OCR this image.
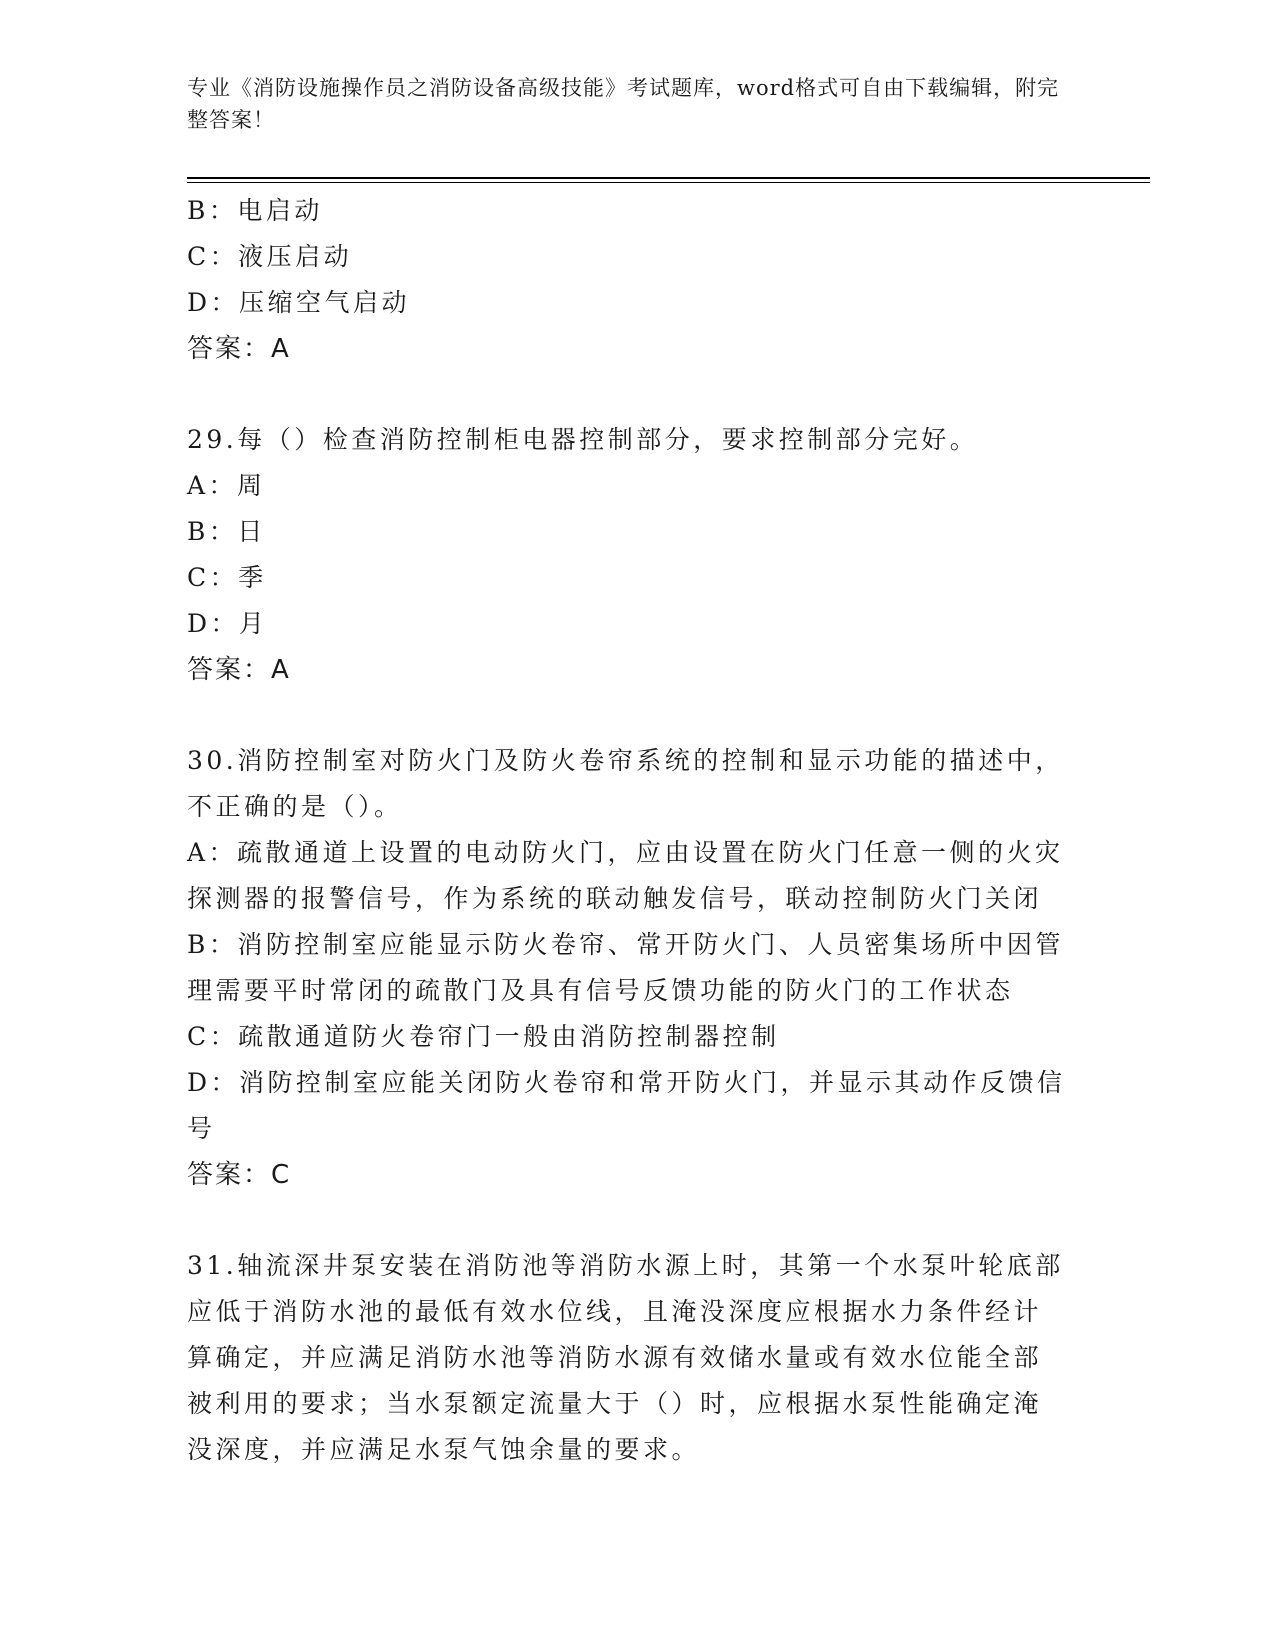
专业《消防设施操作员之消防设备高级技能》考试题库，word格式可自由下载编辑，附完整答案！
B：电启动
C：液压启动
D：压缩空气启动
答案：A
29.每（）检查消防控制柜电器控制部分，要求控制部分完好。
A：周
B：日
C：季
D：月
答案：A
30.消防控制室对防火门及防火卷帘系统的控制和显示功能的描述中，不正确的是（）。
A：疏散通道上设置的电动防火门，应由设置在防火门任意一侧的火灾探测器的报警信号，作为系统的联动触发信号，联动控制防火门关闭
B：消防控制室应能显示防火卷帘、常开防火门、人员密集场所中因管理需要平时常闭的疏散门及具有信号反馈功能的防火门的工作状态
C：疏散通道防火卷帘门一般由消防控制器控制
D：消防控制室应能关闭防火卷帘和常开防火门，并显示其动作反馈信号
答案：C
31.轴流深井泵安装在消防池等消防水源上时，其第一个水泵叶轮底部应低于消防水池的最低有效水位线，且淹没深度应根据水力条件经计算确定，并应满足消防水池等消防水源有效储水量或有效水位能全部被利用的要求；当水泵额定流量大于（）时，应根据水泵性能确定淹没深度，并应满足水泵气蚀余量的要求。
